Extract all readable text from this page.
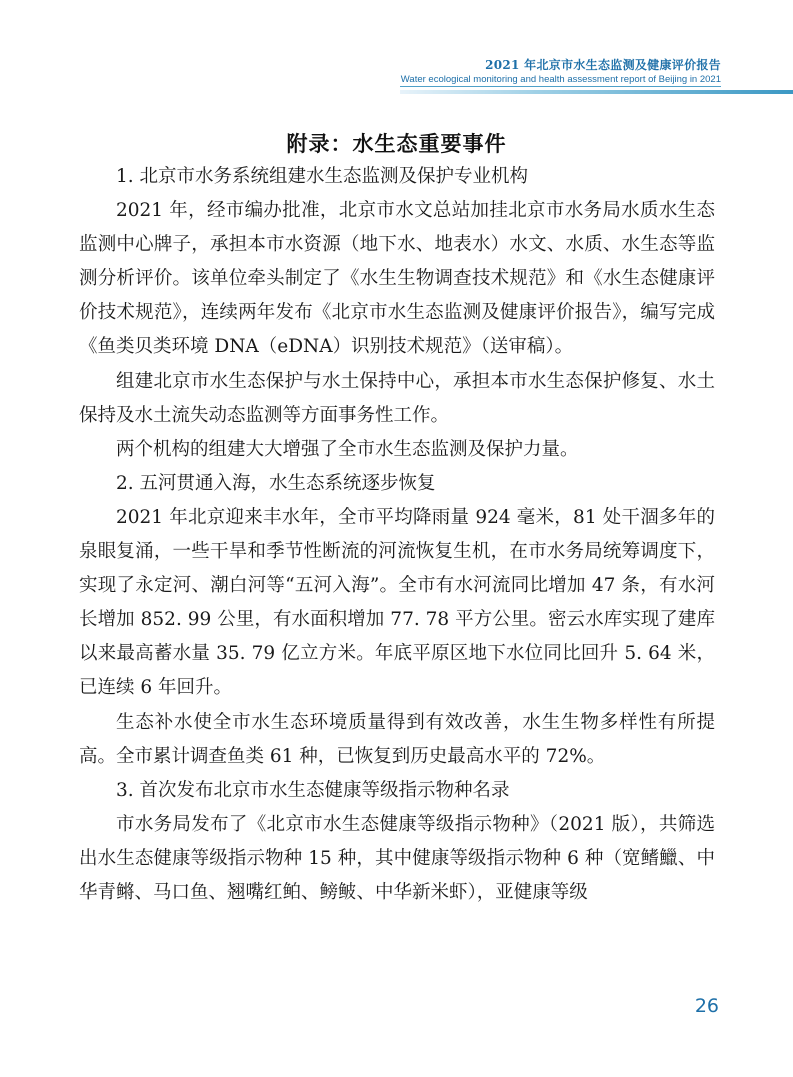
2021 年北京市水生态监测及健康评价报告
Water ecological monitoring and health assessment report of Beijing in 2021
附录：水生态重要事件

1. 北京市水务系统组建水生态监测及保护专业机构

2021 年，经市编办批准，北京市水文总站加挂北京市水务局水质水生态监测中心牌子，承担本市水资源（地下水、地表水）水文、水质、水生态等监测分析评价。该单位牵头制定了《水生生物调查技术规范》和《水生态健康评价技术规范》，连续两年发布《北京市水生态监测及健康评价报告》，编写完成《鱼类贝类环境 DNA（eDNA）识别技术规范》（送审稿）。

组建北京市水生态保护与水土保持中心，承担本市水生态保护修复、水土保持及水土流失动态监测等方面事务性工作。

两个机构的组建大大增强了全市水生态监测及保护力量。

2. 五河贯通入海，水生态系统逐步恢复

2021 年北京迎来丰水年，全市平均降雨量 924 毫米，81 处干涸多年的泉眼复涌，一些干旱和季节性断流的河流恢复生机，在市水务局统筹调度下，实现了永定河、潮白河等“五河入海”。全市有水河流同比增加 47 条，有水河长增加 852. 99 公里，有水面积增加 77. 78 平方公里。密云水库实现了建库以来最高蓄水量 35. 79 亿立方米。年底平原区地下水位同比回升 5. 64 米，已连续 6 年回升。

生态补水使全市水生态环境质量得到有效改善，水生生物多样性有所提高。全市累计调查鱼类 61 种，已恢复到历史最高水平的 72%。

3. 首次发布北京市水生态健康等级指示物种名录

市水务局发布了《北京市水生态健康等级指示物种》（2021 版），共筛选出水生态健康等级指示物种 15 种，其中健康等级指示物种 6 种（宽鳍鱲、中华青鳉、马口鱼、翘嘴红鲌、鳑鲏、中华新米虾），亚健康等级

26
